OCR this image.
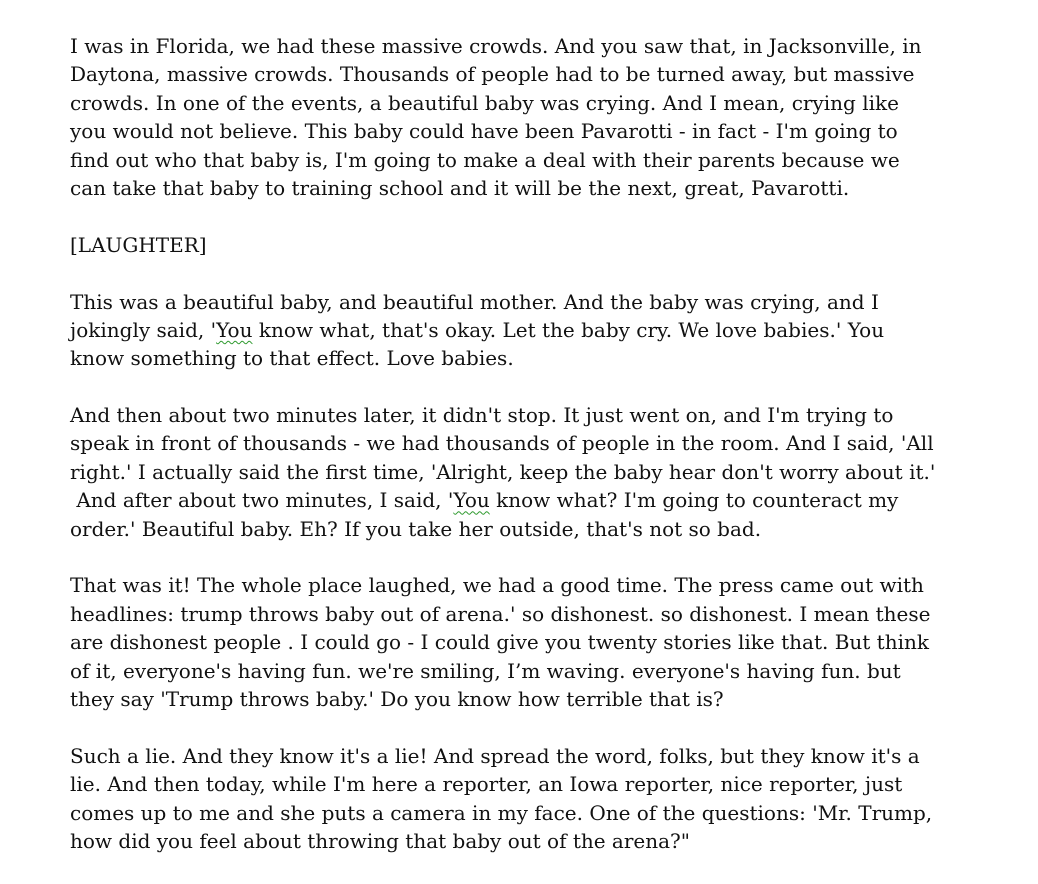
I was in Florida, we had these massive crowds. And you saw that, in Jacksonville, in
Daytona, massive crowds. Thousands of people had to be turned away, but massive
crowds. In one of the events, a beautiful baby was crying. And I mean, crying like
you would not believe. This baby could have been Pavarotti - in fact - I'm going to
find out who that baby is, I'm going to make a deal with their parents because we
can take that baby to training school and it will be the next, great, Pavarotti.
[LAUGHTER]
This was a beautiful baby, and beautiful mother. And the baby was crying, and I
jokingly said, 'You know what, that's okay. Let the baby cry. We love babies.' You
know something to that effect. Love babies.
And then about two minutes later, it didn't stop. It just went on, and I'm trying to
speak in front of thousands - we had thousands of people in the room. And I said, 'All
right.' I actually said the first time, 'Alright, keep the baby hear don't worry about it.'
And after about two minutes, I said, 'You know what? I'm going to counteract my
order.' Beautiful baby. Eh? If you take her outside, that's not so bad.
That was it! The whole place laughed, we had a good time. The press came out with
headlines: trump throws baby out of arena.' so dishonest. so dishonest. I mean these
are dishonest people . I could go - I could give you twenty stories like that. But think
of it, everyone's having fun. we're smiling, I’m waving. everyone's having fun. but
they say 'Trump throws baby.' Do you know how terrible that is?
Such a lie. And they know it's a lie! And spread the word, folks, but they know it's a
lie. And then today, while I'm here a reporter, an Iowa reporter, nice reporter, just
comes up to me and she puts a camera in my face. One of the questions: 'Mr. Trump,
how did you feel about throwing that baby out of the arena?"
